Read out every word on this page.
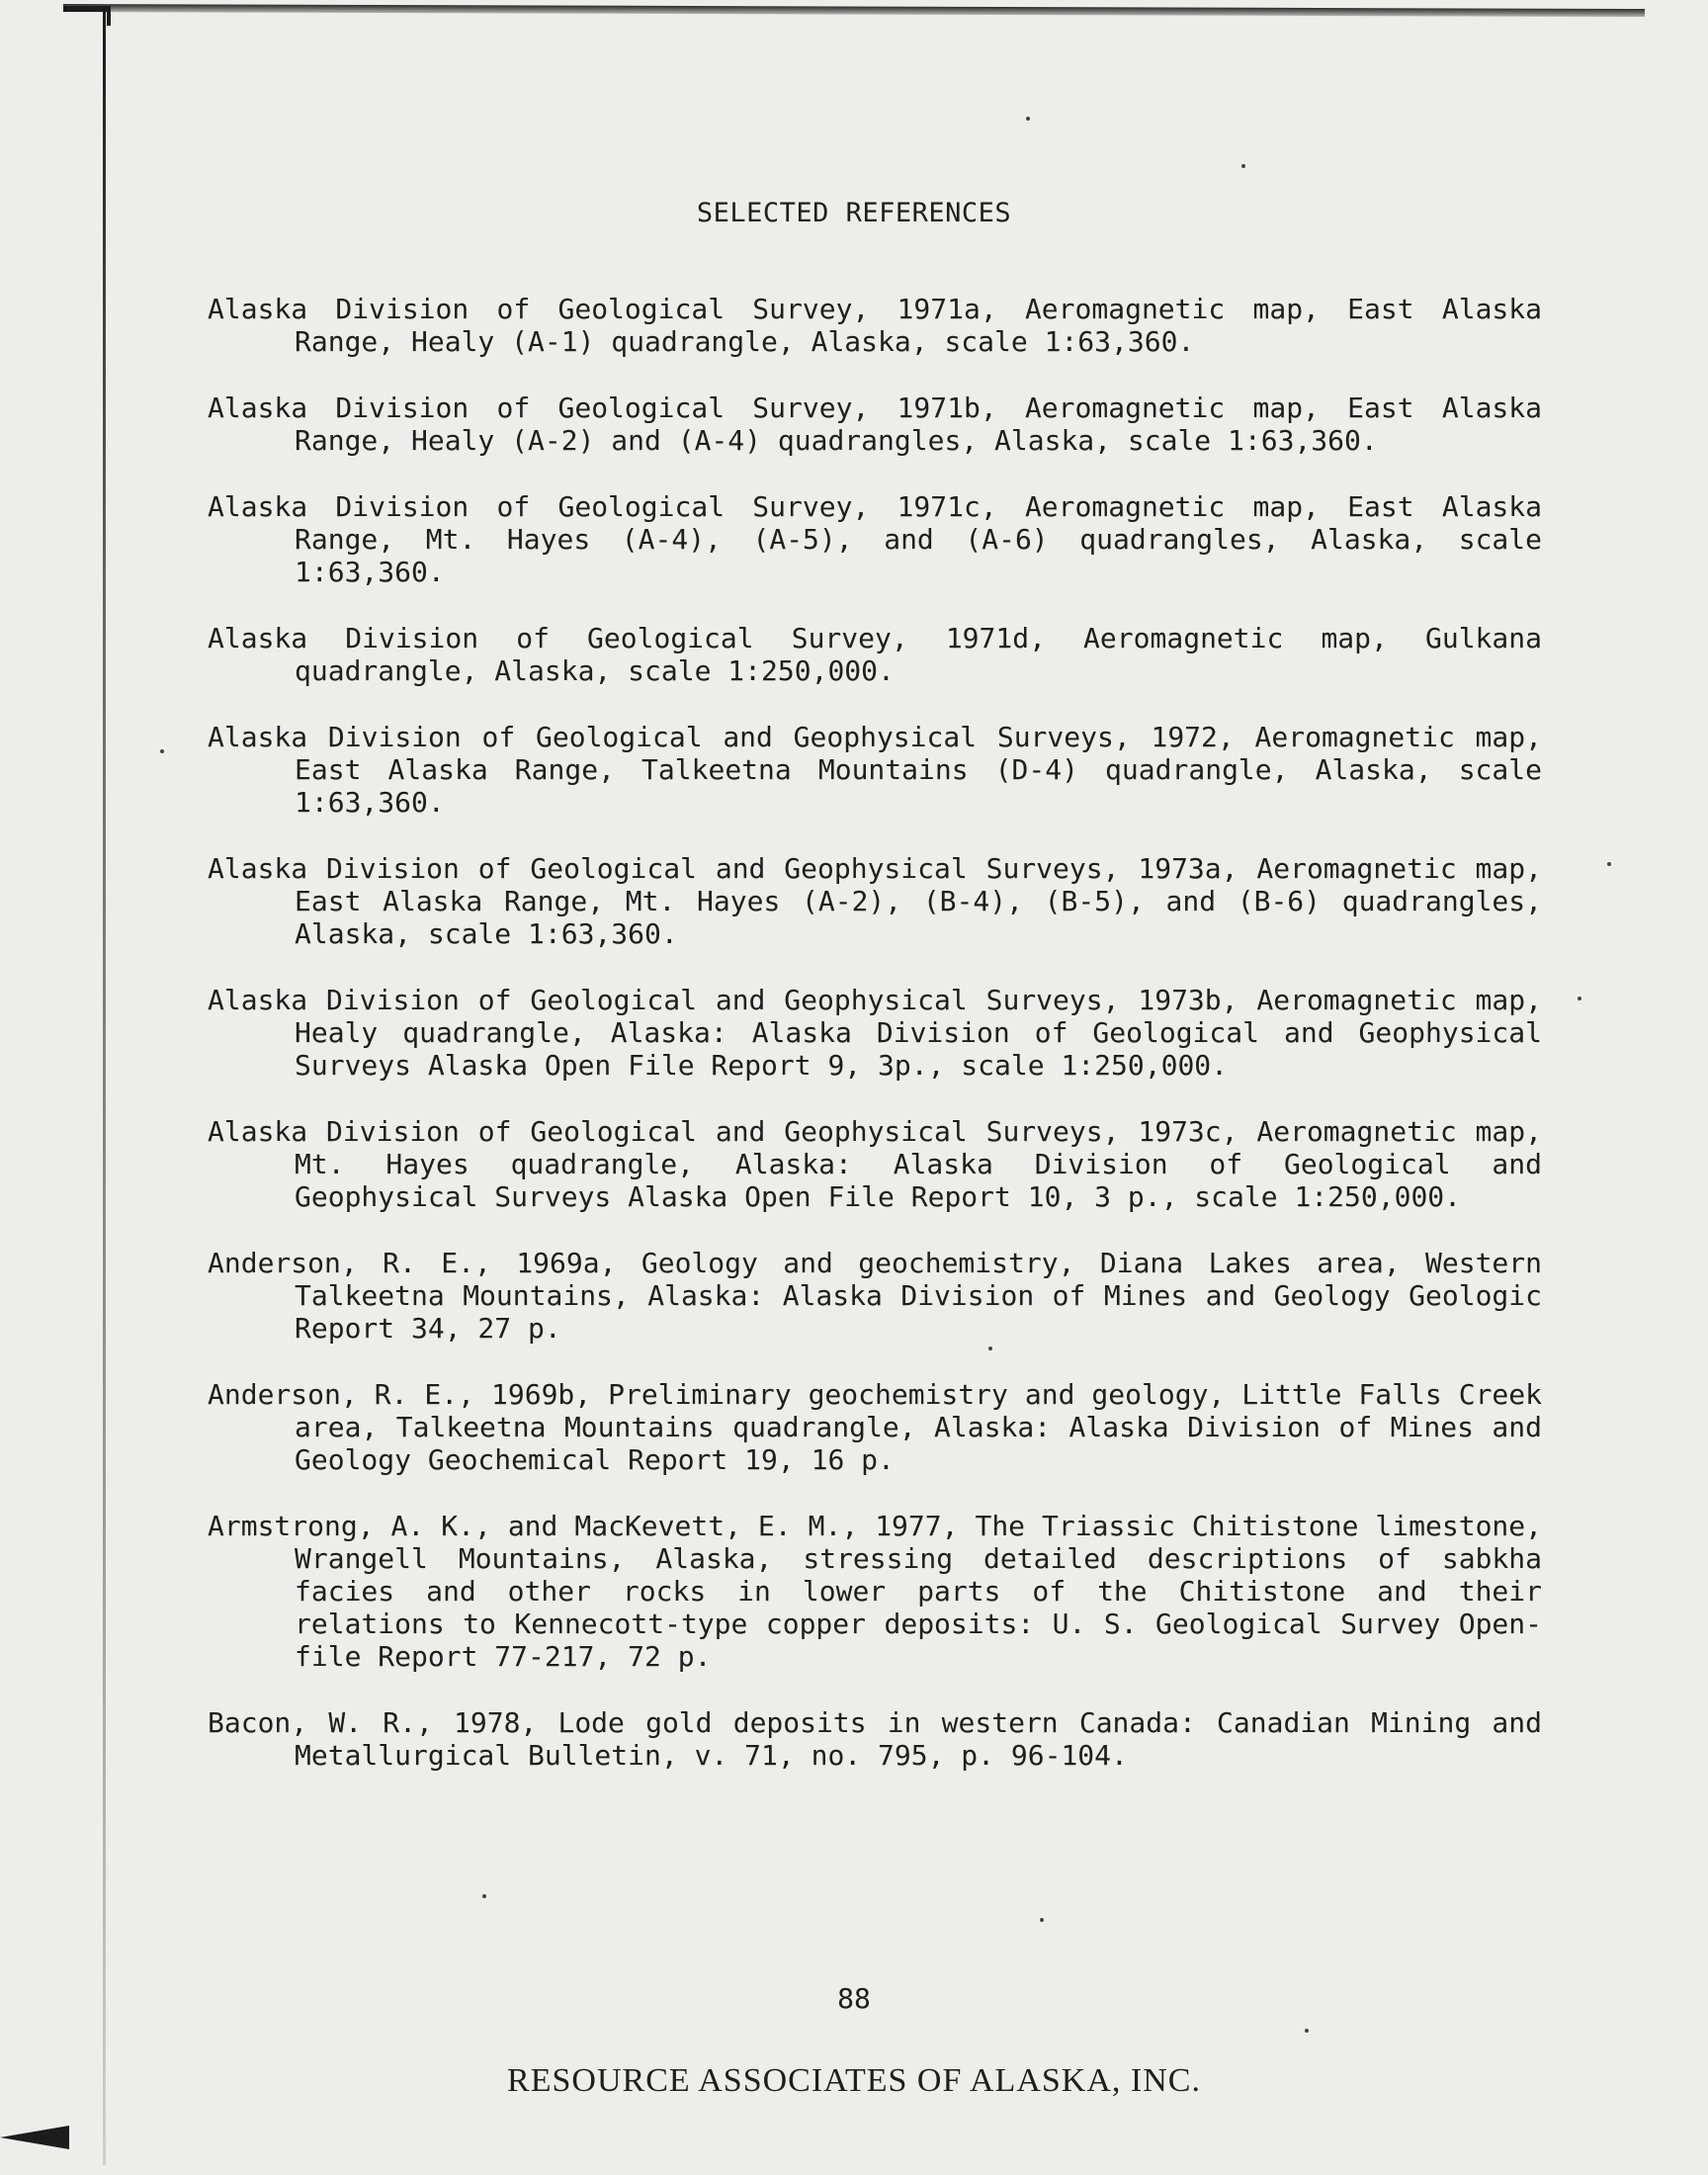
SELECTED REFERENCES
Alaska Division of Geological Survey, 1971a, Aeromagnetic map, East Alaska Range, Healy (A-1) quadrangle, Alaska, scale 1:63,360.
Alaska Division of Geological Survey, 1971b, Aeromagnetic map, East Alaska Range, Healy (A-2) and (A-4) quadrangles, Alaska, scale 1:63,360.
Alaska Division of Geological Survey, 1971c, Aeromagnetic map, East Alaska Range, Mt. Hayes (A-4), (A-5), and (A-6) quadrangles, Alaska, scale 1:63,360.
Alaska Division of Geological Survey, 1971d, Aeromagnetic map, Gulkana quadrangle, Alaska, scale 1:250,000.
Alaska Division of Geological and Geophysical Surveys, 1972, Aeromagnetic map, East Alaska Range, Talkeetna Mountains (D-4) quadrangle, Alaska, scale 1:63,360.
Alaska Division of Geological and Geophysical Surveys, 1973a, Aeromagnetic map, East Alaska Range, Mt. Hayes (A-2), (B-4), (B-5), and (B-6) quadrangles, Alaska, scale 1:63,360.
Alaska Division of Geological and Geophysical Surveys, 1973b, Aeromagnetic map, Healy quadrangle, Alaska: Alaska Division of Geological and Geophysical Surveys Alaska Open File Report 9, 3p., scale 1:250,000.
Alaska Division of Geological and Geophysical Surveys, 1973c, Aeromagnetic map, Mt. Hayes quadrangle, Alaska: Alaska Division of Geological and Geophysical Surveys Alaska Open File Report 10, 3 p., scale 1:250,000.
Anderson, R. E., 1969a, Geology and geochemistry, Diana Lakes area, Western Talkeetna Mountains, Alaska: Alaska Division of Mines and Geology Geologic Report 34, 27 p.
Anderson, R. E., 1969b, Preliminary geochemistry and geology, Little Falls Creek area, Talkeetna Mountains quadrangle, Alaska: Alaska Division of Mines and Geology Geochemical Report 19, 16 p.
Armstrong, A. K., and MacKevett, E. M., 1977, The Triassic Chitistone limestone, Wrangell Mountains, Alaska, stressing detailed descriptions of sabkha facies and other rocks in lower parts of the Chitistone and their relations to Kennecott-type copper deposits: U. S. Geological Survey Open-file Report 77-217, 72 p.
Bacon, W. R., 1978, Lode gold deposits in western Canada: Canadian Mining and Metallurgical Bulletin, v. 71, no. 795, p. 96-104.
88
RESOURCE ASSOCIATES OF ALASKA, INC.
